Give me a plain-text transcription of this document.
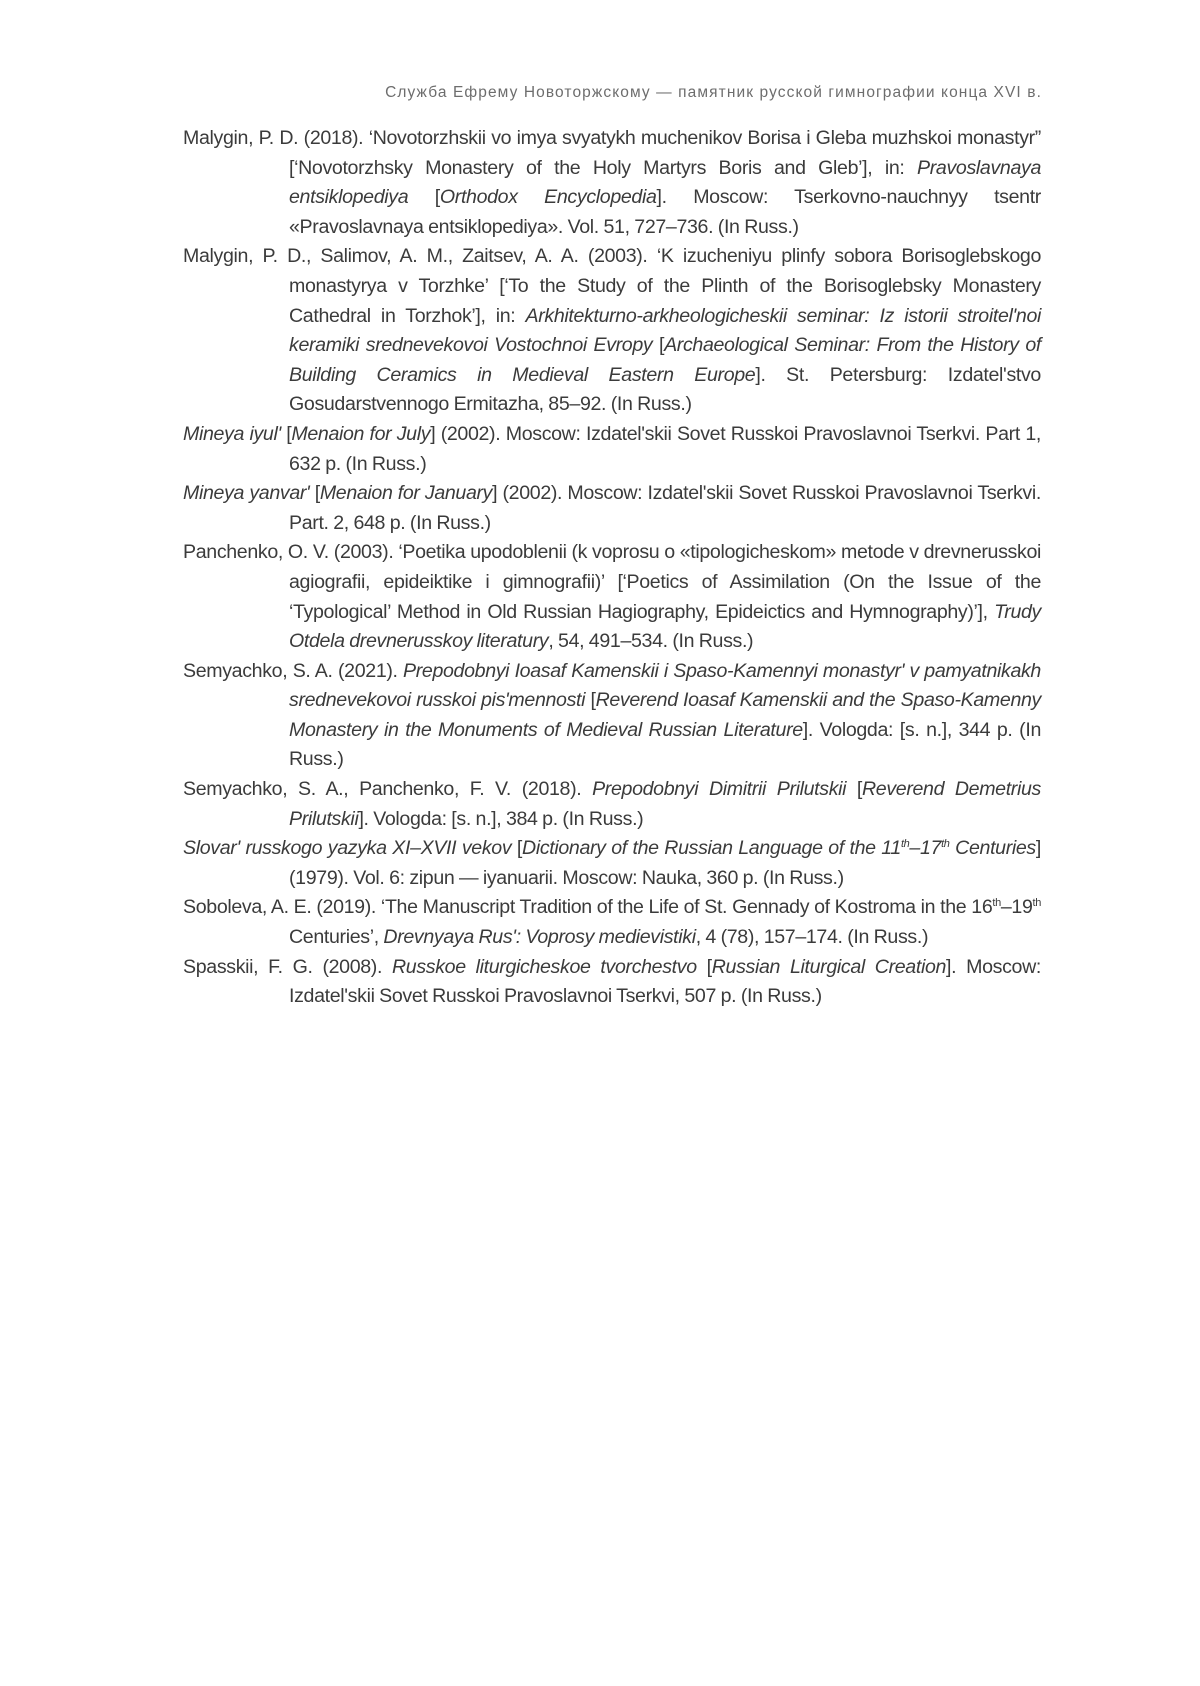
Служба Ефрему Новоторжскому — памятник русской гимнографии конца XVI в.
Malygin, P. D. (2018). ‘Novotorzhskii vo imya svyatykh muchenikov Borisa i Gleba muzhskoi monastyr” [‘Novotorzhsky Monastery of the Holy Martyrs Boris and Gleb’], in: Pravoslavnaya entsiklopediya [Orthodox Encyclopedia]. Moscow: Tserkovno-nauchnyy tsentr «Pravoslavnaya entsiklopediya». Vol. 51, 727–736. (In Russ.)
Malygin, P. D., Salimov, A. M., Zaitsev, A. A. (2003). ‘K izucheniyu plinfy sobora Borisoglebskogo monastyrya v Torzhke’ [‘To the Study of the Plinth of the Borisoglebsky Monastery Cathedral in Torzhok’], in: Arkhitekturno-arkheologicheskii seminar: Iz istorii stroitel'noi keramiki srednevekovoi Vostochnoi Evropy [Archaeological Seminar: From the History of Building Ceramics in Medieval Eastern Europe]. St. Petersburg: Izdatel'stvo Gosudarstvennogo Ermitazha, 85–92. (In Russ.)
Mineya iyul' [Menaion for July] (2002). Moscow: Izdatel'skii Sovet Russkoi Pravoslavnoi Tserkvi. Part 1, 632 p. (In Russ.)
Mineya yanvar' [Menaion for January] (2002). Moscow: Izdatel'skii Sovet Russkoi Pravoslavnoi Tserkvi. Part. 2, 648 p. (In Russ.)
Panchenko, O. V. (2003). ‘Poetika upodoblenii (k voprosu o «tipologicheskom» metode v drevnerusskoi agiografii, epideiktike i gimnografii)’ [‘Poetics of Assimilation (On the Issue of the ‘Typological’ Method in Old Russian Hagiography, Epideictics and Hymnography)’], Trudy Otdela drevnerusskoy literatury, 54, 491–534. (In Russ.)
Semyachko, S. A. (2021). Prepodobnyi Ioasaf Kamenskii i Spaso-Kamennyi monastyr' v pamyatnikakh srednevekovoi russkoi pis'mennosti [Reverend Ioasaf Kamenskii and the Spaso-Kamenny Monastery in the Monuments of Medieval Russian Literature]. Vologda: [s. n.], 344 p. (In Russ.)
Semyachko, S. A., Panchenko, F. V. (2018). Prepodobnyi Dimitrii Prilutskii [Reverend Demetrius Prilutskii]. Vologda: [s. n.], 384 p. (In Russ.)
Slovar' russkogo yazyka XI–XVII vekov [Dictionary of the Russian Language of the 11th–17th Centuries] (1979). Vol. 6: zipun — iyanuarii. Moscow: Nauka, 360 p. (In Russ.)
Soboleva, A. E. (2019). ‘The Manuscript Tradition of the Life of St. Gennady of Kostroma in the 16th–19th Centuries’, Drevnyaya Rus': Voprosy medievistiki, 4 (78), 157–174. (In Russ.)
Spasskii, F. G. (2008). Russkoe liturgicheskoe tvorchestvo [Russian Liturgical Creation]. Moscow: Izdatel'skii Sovet Russkoi Pravoslavnoi Tserkvi, 507 p. (In Russ.)
